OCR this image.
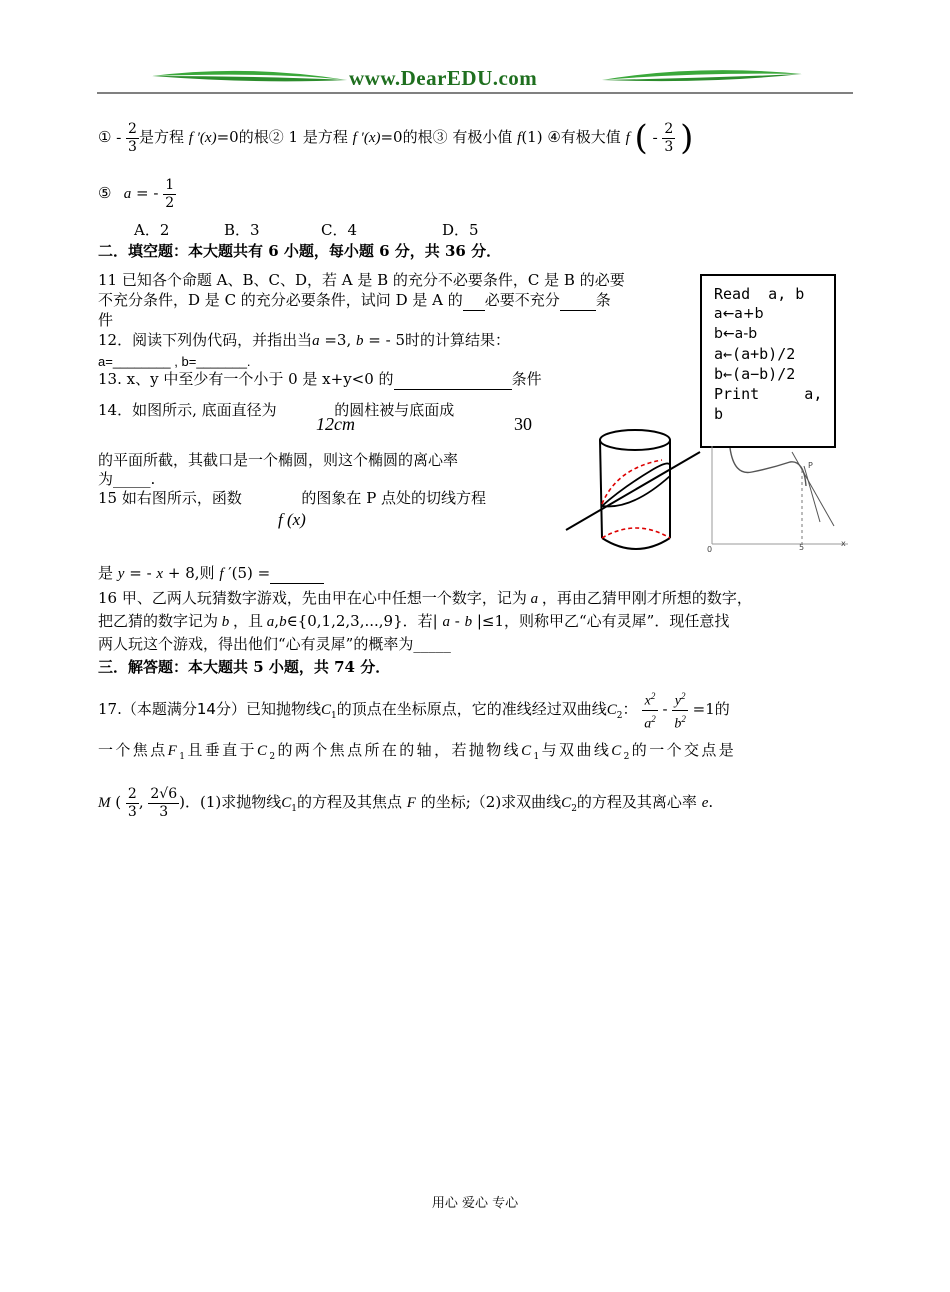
www.DearEDU.com
① - $\frac{2}{3}$ 是方程 f ′(x)=0的根② 1 是方程 f ′(x)=0的根③ 有极小值 f(1) ④有极大值 f ( - $\frac{2}{3}$ )
⑤   a = - $\frac{1}{2}$
A．2	B．3	C．4	D．5
二．填空题：本大题共有 6 小题，每小题 6 分，共 36 分．
11 已知各个命题 A、B、C、D，若 A 是 B 的充分不必要条件，C 是 B 的必要
不充分条件，D 是 C 的充分必要条件，试问 D 是 A 的 必要不充分 条
件
12．阅读下列伪代码，并指出当a =3, b = - 5时的计算结果：
a=________ , b=_______.
13. x、y 中至少有一个小于 0 是 x+y<0 的	条件
14．如图所示, 底面直径为	的圆柱被与底面成
12cm	30
的平面所截，其截口是一个椭圆，则这个椭圆的离心率
为_____.
15 如右图所示，函数	的图象在 P 点处的切线方程
f (x)
是 y = - x + 8,则 f ′(5) =
16 甲、乙两人玩猜数字游戏，先由甲在心中任想一个数字，记为 a ，再由乙猜甲刚才所想的数字，
把乙猜的数字记为 b ，且 a,b∈{0,1,2,3,...,9}．若| a - b |≤1，则称甲乙“心有灵犀”．现任意找
两人玩这个游戏，得出他们“心有灵犀”的概率为_____
三．解答题：本大题共 5 小题，共 74 分．
17.（本题满分14分）已知抛物线$C_1$的顶点在坐标原点，它的准线经过双曲线$C_2$： $\frac{x^2}{a^2} - \frac{y^2}{b^2} =1$的
一个焦点$F_1$且垂直于$C_2$的两个焦点所在的轴，若抛物线$C_1$与双曲线$C_2$的一个交点是
M ( $\frac{2}{3}$ , $\frac{2√6}{3}$ )．(1)求抛物线$C_1$的方程及其焦点 F 的坐标;（2)求双曲线$C_2$的方程及其离心率 e.
Read  a, b
a←a+b
b←a-b
a←(a+b)/2
b←(a−b)/2
Print     a,
b
P
0	5	x
用心 爱心 专心
